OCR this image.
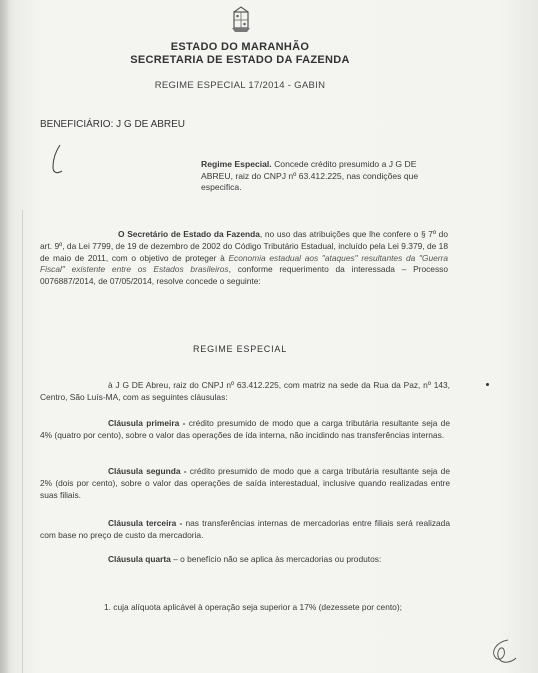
ESTADO DO MARANHÃO
SECRETARIA DE ESTADO DA FAZENDA
REGIME ESPECIAL 17/2014 - GABIN
BENEFICIÁRIO: J G DE ABREU
Regime Especial. Concede crédito presumido a J G DE ABREU, raiz do CNPJ nº 63.412.225, nas condições que especifica.
O Secretário de Estado da Fazenda, no uso das atribuições que lhe confere o § 7º do art. 9º, da Lei 7799, de 19 de dezembro de 2002 do Código Tributário Estadual, incluído pela Lei 9.379, de 18 de maio de 2011, com o objetivo de proteger à Economia estadual aos "ataques" resultantes da "Guerra Fiscal" existente entre os Estados brasileiros, conforme requerimento da interessada – Processo 0076887/2014, de 07/05/2014, resolve concede o seguinte:
REGIME ESPECIAL
à J G DE Abreu, raiz do CNPJ nº 63.412.225, com matriz na sede da Rua da Paz, nº 143, Centro, São Luís-MA, com as seguintes cláusulas:
Cláusula primeira - crédito presumido de modo que a carga tributária resultante seja de 4% (quatro por cento), sobre o valor das operações de ída interna, não incidindo nas transferências internas.
Cláusula segunda - crédito presumido de modo que a carga tributária resultante seja de 2% (dois por cento), sobre o valor das operações de saída interestadual, inclusive quando realizadas entre suas filiais.
Cláusula terceira - nas transferências internas de mercadorias entre filiais será realizada com base no preço de custo da mercadoria.
Cláusula quarta – o benefício não se aplica às mercadorias ou produtos:
1. cuja alíquota aplicável à operação seja superior a 17% (dezessete por cento);
